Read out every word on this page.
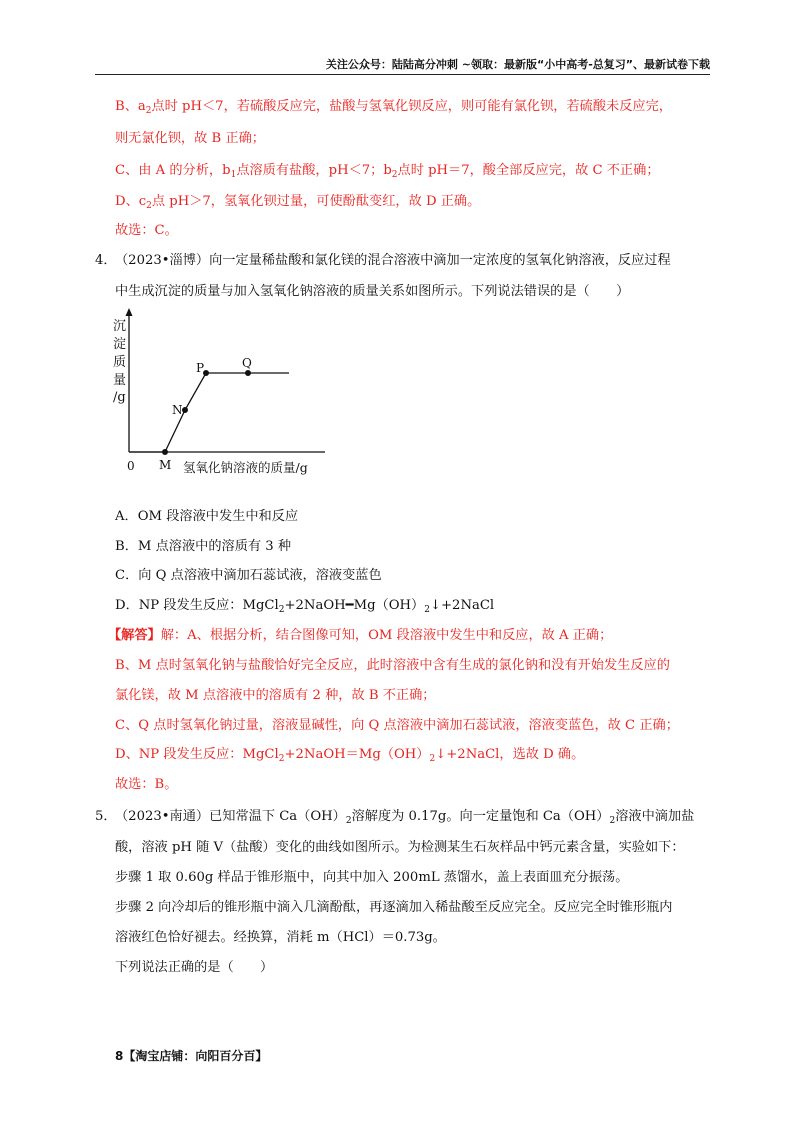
关注公众号：陆陆高分冲刺 ~领取：最新版“小中高考-总复习”、最新试卷下载
B、$a_2$点时 pH＜7，若硫酸反应完，盐酸与氢氧化钡反应，则可能有氯化钡，若硫酸未反应完，
则无氯化钡，故 B 正确；
C、由 A 的分析，$b_1$点溶质有盐酸，pH＜7；$b_2$点时 pH＝7，酸全部反应完，故 C 不正确；
D、$c_2$点 pH＞7，氢氧化钡过量，可使酚酞变红，故 D 正确。
故选：C。
4．
（2023•淄博）向一定量稀盐酸和氯化镁的混合溶液中滴加一定浓度的氢氧化钠溶液，反应过程
中生成沉淀的质量与加入氢氧化钠溶液的质量关系如图所示。下列说法错误的是（　　）
沉
淀
质
量
/g
0 M
N
P	Q
氢氧化钠溶液的质量/g
A．OM 段溶液中发生中和反应
B．M 点溶液中的溶质有 3 种
C．向 Q 点溶液中滴加石蕊试液，溶液变蓝色
D．NP 段发生反应：$MgCl_2+2NaOH━Mg(OH)_2↓+2NaCl$
【解答】解：A、根据分析，结合图像可知，OM 段溶液中发生中和反应，故 A 正确；
B、M 点时氢氧化钠与盐酸恰好完全反应，此时溶液中含有生成的氯化钠和没有开始发生反应的
氯化镁，故 M 点溶液中的溶质有 2 种，故 B 不正确；
C、Q 点时氢氧化钠过量，溶液显碱性，向 Q 点溶液中滴加石蕊试液，溶液变蓝色，故 C 正确；
D、NP 段发生反应：$MgCl_2+2NaOH=Mg(OH)_2↓+2NaCl$，选故 D 确。
故选：B。
5．
（2023•南通）已知常温下 $Ca(OH)_2$溶解度为 0.17g。向一定量饱和 $Ca(OH)_2$溶液中滴加盐
酸，溶液 pH 随 V（盐酸）变化的曲线如图所示。为检测某生石灰样品中钙元素含量，实验如下：
步骤 1 取 0.60g 样品于锥形瓶中，向其中加入 200mL 蒸馏水，盖上表面皿充分振荡。
步骤 2 向冷却后的锥形瓶中滴入几滴酚酞，再逐滴加入稀盐酸至反应完全。反应完全时锥形瓶内
溶液红色恰好褪去。经换算，消耗 m（HCl）＝0.73g。
下列说法正确的是（　　）
8【淘宝店铺：向阳百分百】
